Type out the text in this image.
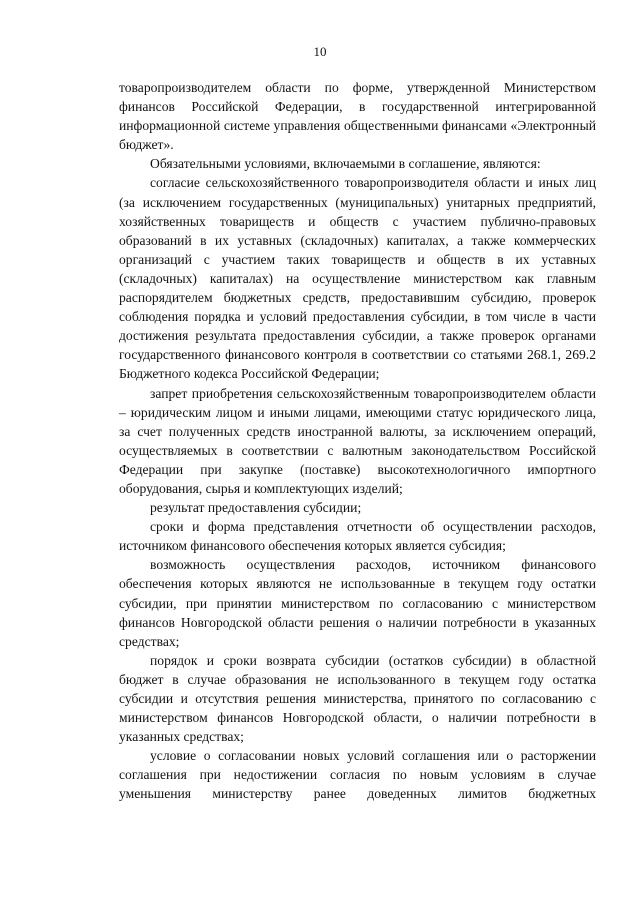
10

товаропроизводителем области по форме, утвержденной Министерством финансов Российской Федерации, в государственной интегрированной информационной системе управления общественными финансами «Электронный бюджет».

Обязательными условиями, включаемыми в соглашение, являются:

согласие сельскохозяйственного товаропроизводителя области и иных лиц (за исключением государственных (муниципальных) унитарных предприятий, хозяйственных товариществ и обществ с участием публично-правовых образований в их уставных (складочных) капиталах, а также коммерческих организаций с участием таких товариществ и обществ в их уставных (складочных) капиталах) на осуществление министерством как главным распорядителем бюджетных средств, предоставившим субсидию, проверок соблюдения порядка и условий предоставления субсидии, в том числе в части достижения результата предоставления субсидии, а также проверок органами государственного финансового контроля в соответствии со статьями 268.1, 269.2 Бюджетного кодекса Российской Федерации;

запрет приобретения сельскохозяйственным товаропроизводителем области – юридическим лицом и иными лицами, имеющими статус юридического лица, за счет полученных средств иностранной валюты, за исключением операций, осуществляемых в соответствии с валютным законодательством Российской Федерации при закупке (поставке) высокотехнологичного импортного оборудования, сырья и комплектующих изделий;

результат предоставления субсидии;

сроки и форма представления отчетности об осуществлении расходов, источником финансового обеспечения которых является субсидия;

возможность осуществления расходов, источником финансового обеспечения которых являются не использованные в текущем году остатки субсидии, при принятии министерством по согласованию с министерством финансов Новгородской области решения о наличии потребности в указанных средствах;

порядок и сроки возврата субсидии (остатков субсидии) в областной бюджет в случае образования не использованного в текущем году остатка субсидии и отсутствия решения министерства, принятого по согласованию с министерством финансов Новгородской области, о наличии потребности в указанных средствах;

условие о согласовании новых условий соглашения или о расторжении соглашения при недостижении согласия по новым условиям в случае уменьшения министерству ранее доведенных лимитов бюджетных
